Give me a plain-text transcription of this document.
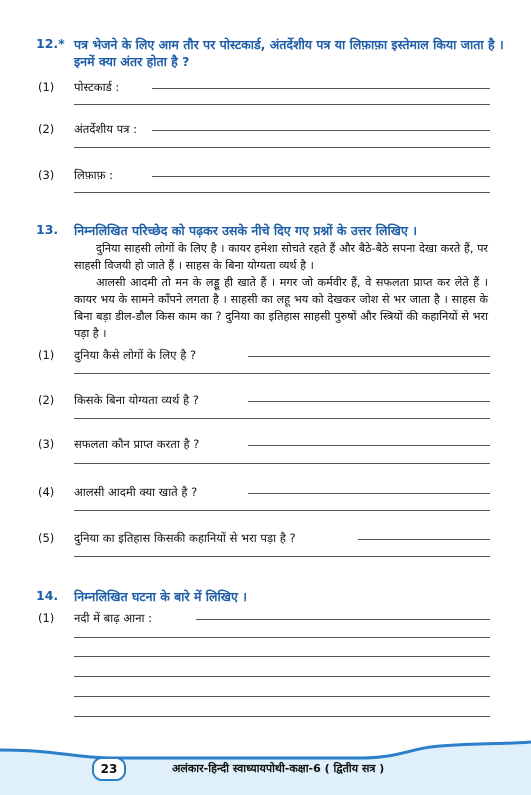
12.* पत्र भेजने के लिए आम तौर पर पोस्टकार्ड, अंतर्देशीय पत्र या लिफ़ाफ़ा इस्तेमाल किया जाता है । इनमें क्या अंतर होता है ?
(1) पोस्टकार्ड :
(2) अंतर्देशीय पत्र :
(3) लिफ़ाफ़ :
13. निम्नलिखित परिच्छेद को पढ़कर उसके नीचे दिए गए प्रश्नों के उत्तर लिखिए ।

दुनिया साहसी लोगों के लिए है । कायर हमेशा सोचते रहते हैं और बैठे-बैठे सपना देखा करते हैं, पर साहसी विजयी हो जाते हैं । साहस के बिना योग्यता व्यर्थ है ।

आलसी आदमी तो मन के लड्डू ही खाते हैं । मगर जो कर्मवीर हैं, वे सफलता प्राप्त कर लेते हैं । कायर भय के सामने काँपने लगता है । साहसी का लहू भय को देखकर जोश से भर जाता है । साहस के बिना बड़ा डील-डौल किस काम का ? दुनिया का इतिहास साहसी पुरुषों और स्त्रियों की कहानियों से भरा पड़ा है ।

(1) दुनिया कैसे लोगों के लिए है ?
(2) किसके बिना योग्यता व्यर्थ है ?
(3) सफलता कौन प्राप्त करता है ?
(4) आलसी आदमी क्या खाते है ?
(5) दुनिया का इतिहास किसकी कहानियों से भरा पड़ा है ?
14. निम्नलिखित घटना के बारे में लिखिए ।
(1) नदी में बाढ़ आना :
23	अलंकार-हिन्दी स्वाध्यायपोथी-कक्षा-6 ( द्वितीय सत्र )
